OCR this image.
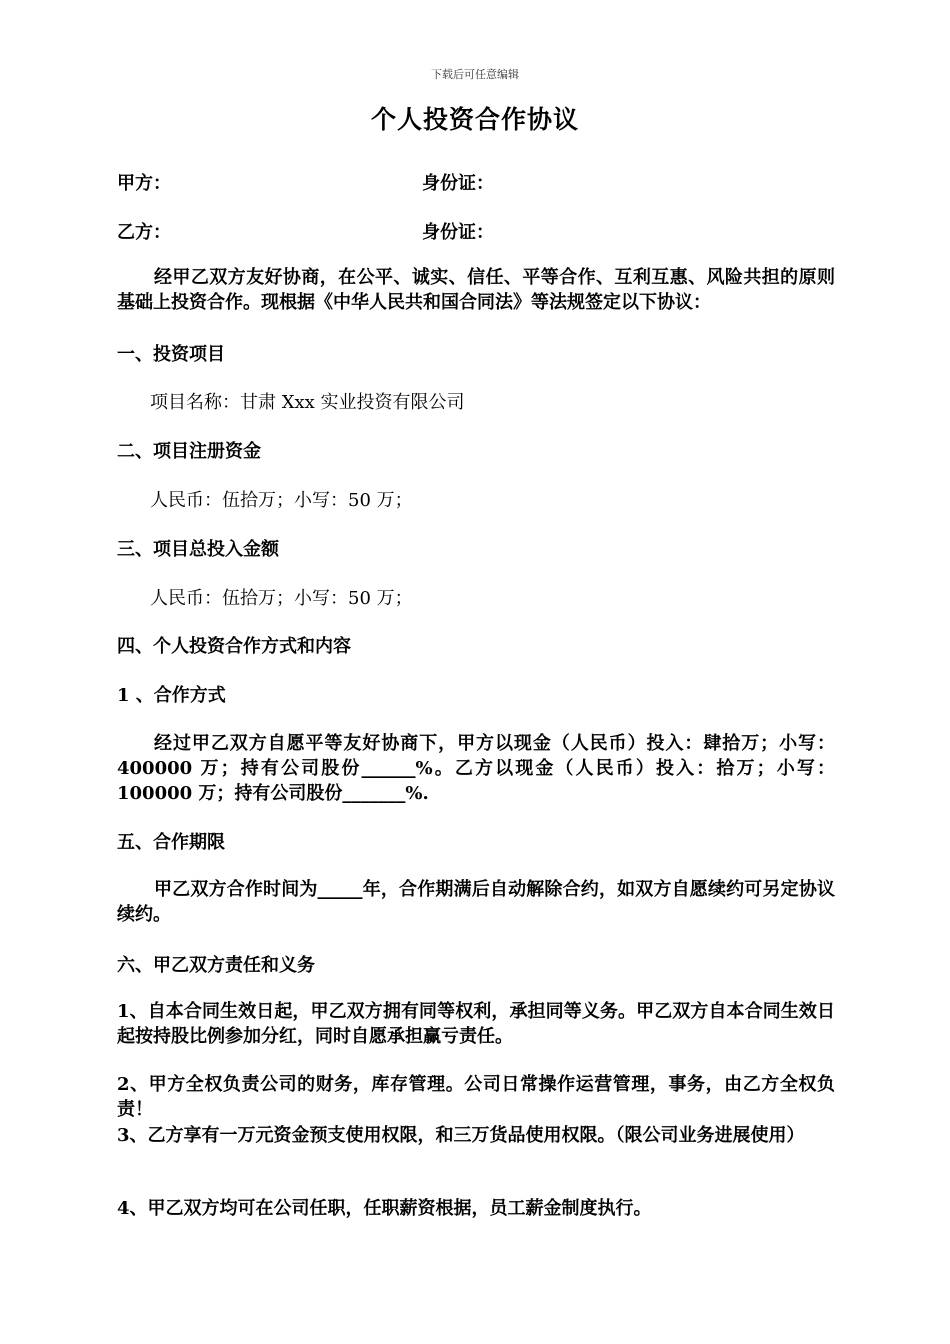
下载后可任意编辑
个人投资合作协议
甲方：	身份证：
乙方：	身份证：
经甲乙双方友好协商，在公平、诚实、信任、平等合作、互利互惠、风险共担的原则基础上投资合作。现根据《中华人民共和国合同法》等法规签定以下协议：
一、投资项目
项目名称：甘肃 Xxx 实业投资有限公司
二、项目注册资金
人民币：伍拾万；小写：50 万；
三、项目总投入金额
人民币：伍拾万；小写：50 万；
四、个人投资合作方式和内容
1 、合作方式
经过甲乙双方自愿平等友好协商下，甲方以现金（人民币）投入：肆拾万；小写：400000 万；持有公司股份______%。乙方以现金（人民币）投入：拾万；小写：100000 万；持有公司股份_______%.
五、合作期限
甲乙双方合作时间为_____年，合作期满后自动解除合约，如双方自愿续约可另定协议续约。
六、甲乙双方责任和义务
1、自本合同生效日起，甲乙双方拥有同等权利，承担同等义务。甲乙双方自本合同生效日起按持股比例参加分红，同时自愿承担赢亏责任。
2、甲方全权负责公司的财务，库存管理。公司日常操作运营管理，事务，由乙方全权负责！
3、乙方享有一万元资金预支使用权限，和三万货品使用权限。（限公司业务进展使用）
4、甲乙双方均可在公司任职，任职薪资根据，员工薪金制度执行。
